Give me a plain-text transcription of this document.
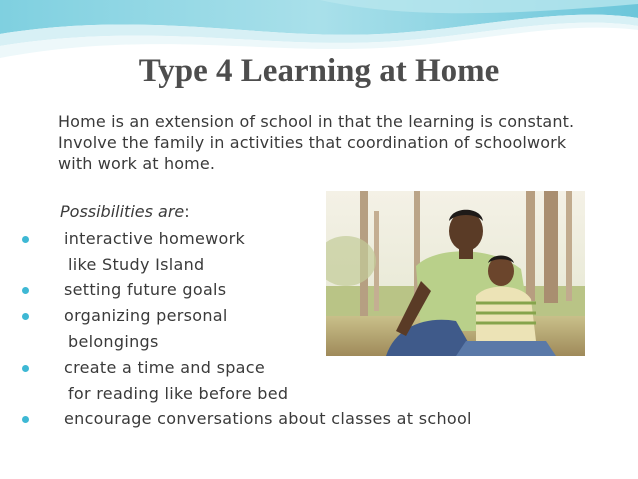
Type 4 Learning at Home

Home is an extension of school in that the learning is constant. Involve the family in activities that coordination of schoolwork with work at home.

Possibilities are:

interactive homework
like Study Island
setting future goals
organizing personal
belongings
create a time and space
for reading like before bed
encourage conversations about classes at school
